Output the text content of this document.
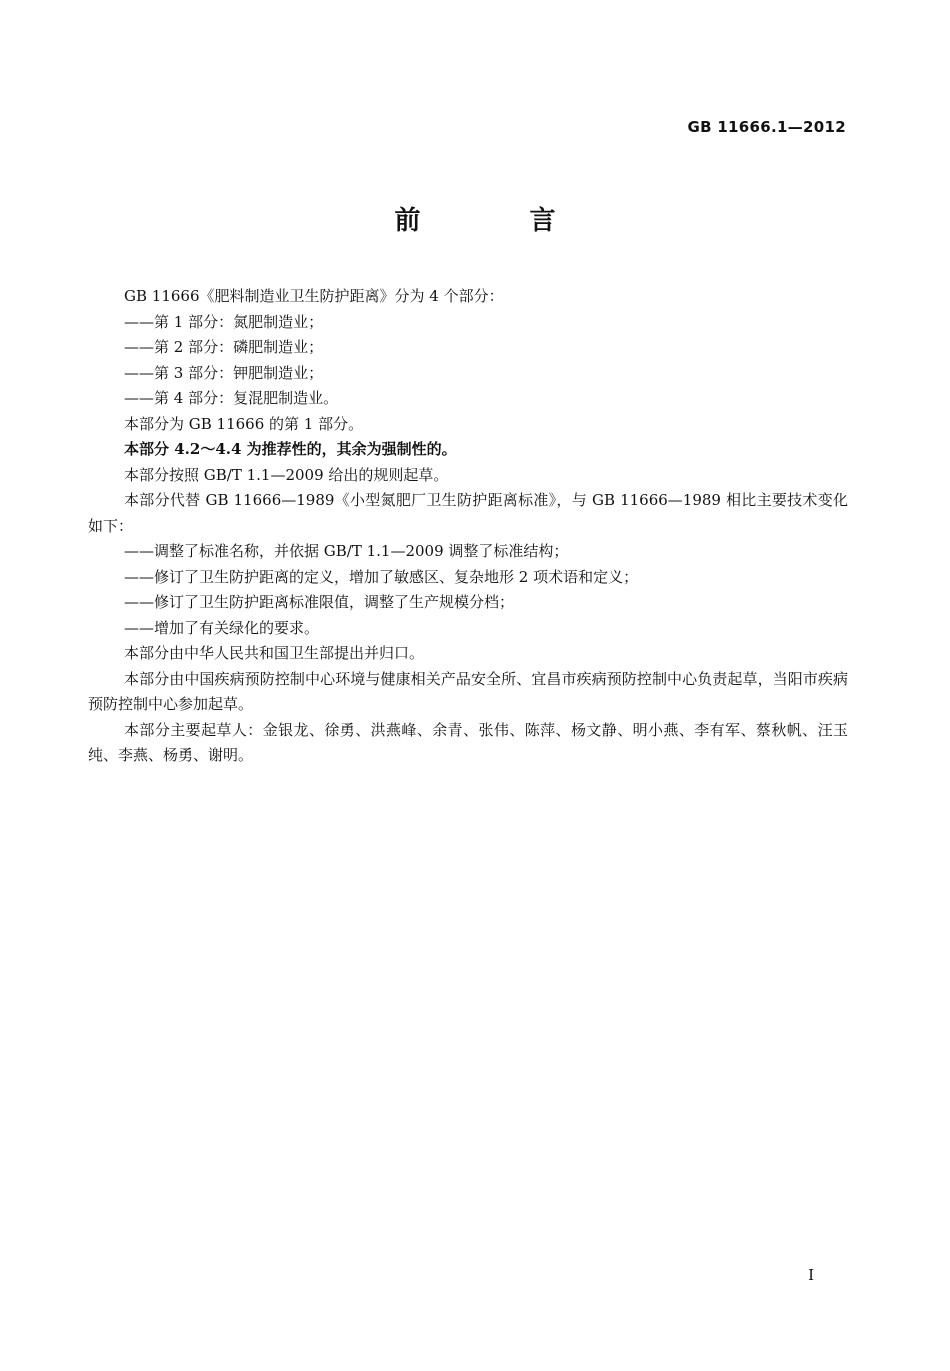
GB 11666.1—2012
前 言

GB 11666《肥料制造业卫生防护距离》分为 4 个部分：

——第 1 部分：氮肥制造业；

——第 2 部分：磷肥制造业；

——第 3 部分：钾肥制造业；

——第 4 部分：复混肥制造业。

本部分为 GB 11666 的第 1 部分。

本部分 4.2～4.4 为推荐性的，其余为强制性的。

本部分按照 GB/T 1.1—2009 给出的规则起草。

本部分代替 GB 11666—1989《小型氮肥厂卫生防护距离标准》，与 GB 11666—1989 相比主要技术变化如下：

——调整了标准名称，并依据 GB/T 1.1—2009 调整了标准结构；

——修订了卫生防护距离的定义，增加了敏感区、复杂地形 2 项术语和定义；

——修订了卫生防护距离标准限值，调整了生产规模分档；

——增加了有关绿化的要求。

本部分由中华人民共和国卫生部提出并归口。

本部分由中国疾病预防控制中心环境与健康相关产品安全所、宜昌市疾病预防控制中心负责起草，当阳市疾病预防控制中心参加起草。

本部分主要起草人：金银龙、徐勇、洪燕峰、余青、张伟、陈萍、杨文静、明小燕、李有军、蔡秋帆、汪玉纯、李燕、杨勇、谢明。

I
